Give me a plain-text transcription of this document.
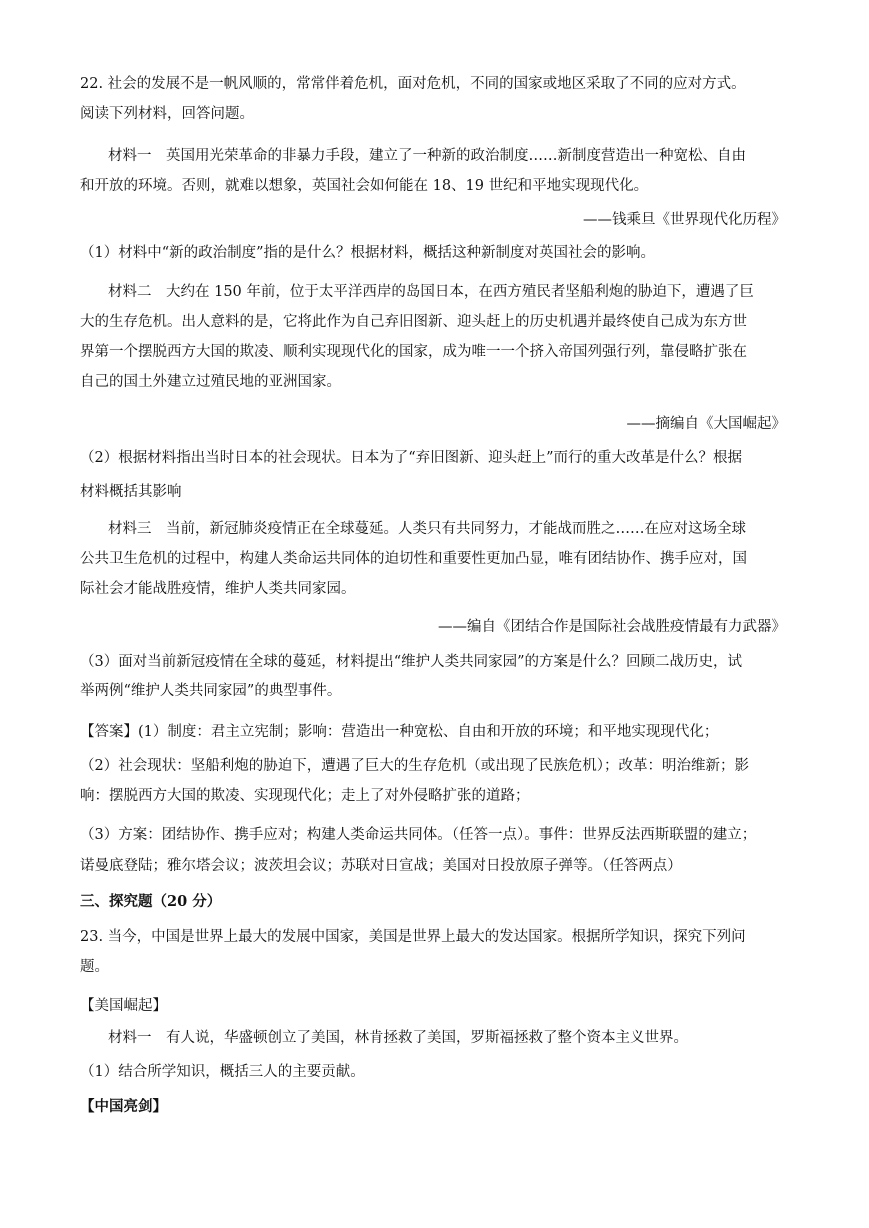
22. 社会的发展不是一帆风顺的，常常伴着危机，面对危机，不同的国家或地区采取了不同的应对方式。
阅读下列材料，回答问题。
材料一　英国用光荣革命的非暴力手段，建立了一种新的政治制度……新制度营造出一种宽松、自由
和开放的环境。否则，就难以想象，英国社会如何能在 18、19 世纪和平地实现现代化。
——钱乘旦《世界现代化历程》
（1）材料中“新的政治制度”指的是什么？根据材料，概括这种新制度对英国社会的影响。
材料二　大约在 150 年前，位于太平洋西岸的岛国日本，在西方殖民者坚船利炮的胁迫下，遭遇了巨
大的生存危机。出人意料的是，它将此作为自己弃旧图新、迎头赶上的历史机遇并最终使自己成为东方世
界第一个摆脱西方大国的欺凌、顺利实现现代化的国家，成为唯一一个挤入帝国列强行列，靠侵略扩张在
自己的国土外建立过殖民地的亚洲国家。
——摘编自《大国崛起》
（2）根据材料指出当时日本的社会现状。日本为了“弃旧图新、迎头赶上”而行的重大改革是什么？根据
材料概括其影响
材料三　当前，新冠肺炎疫情正在全球蔓延。人类只有共同努力，才能战而胜之……在应对这场全球
公共卫生危机的过程中，构建人类命运共同体的迫切性和重要性更加凸显，唯有团结协作、携手应对，国
际社会才能战胜疫情，维护人类共同家园。
——编自《团结合作是国际社会战胜疫情最有力武器》
（3）面对当前新冠疫情在全球的蔓延，材料提出“维护人类共同家园”的方案是什么？回顾二战历史，试
举两例“维护人类共同家园”的典型事件。
【答案】(1）制度：君主立宪制；影响：营造出一种宽松、自由和开放的环境；和平地实现现代化；
（2）社会现状：坚船利炮的胁迫下，遭遇了巨大的生存危机（或出现了民族危机）；改革：明治维新；影
响：摆脱西方大国的欺凌、实现现代化；走上了对外侵略扩张的道路；
（3）方案：团结协作、携手应对；构建人类命运共同体。（任答一点）。事件：世界反法西斯联盟的建立；
诺曼底登陆；雅尔塔会议；波茨坦会议；苏联对日宣战；美国对日投放原子弹等。（任答两点）
三、探究题（20 分）
23. 当今，中国是世界上最大的发展中国家，美国是世界上最大的发达国家。根据所学知识，探究下列问
题。
【美国崛起】
材料一　有人说，华盛顿创立了美国，林肯拯救了美国，罗斯福拯救了整个资本主义世界。
（1）结合所学知识，概括三人的主要贡献。
【中国亮剑】
